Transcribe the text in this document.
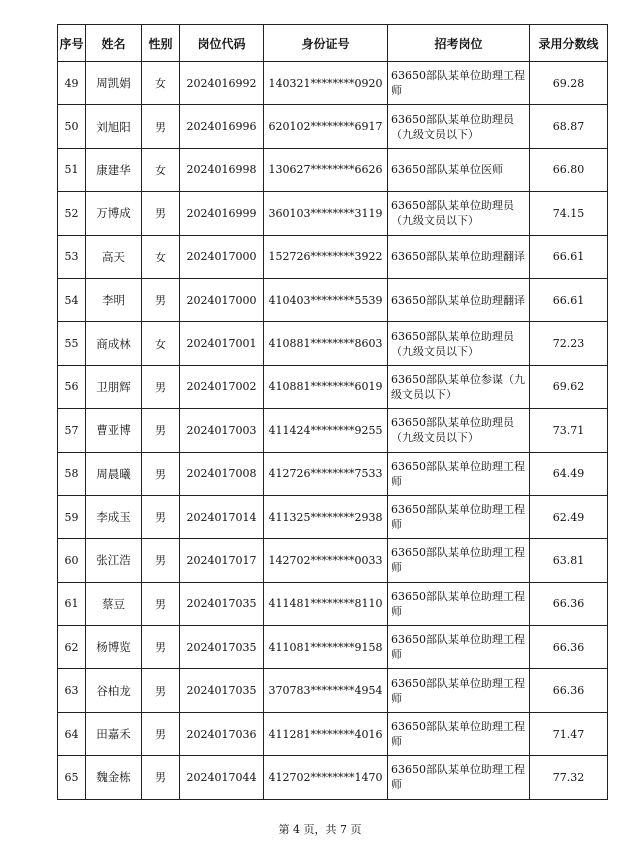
序号	姓名	性别	岗位代码	身份证号	招考岗位	录用分数线
49	周凯娟	女	2024016992	140321********0920	63650部队某单位助理工程师	69.28
50	刘旭阳	男	2024016996	620102********6917	63650部队某单位助理员（九级文员以下）	68.87
51	康建华	女	2024016998	130627********6626	63650部队某单位医师	66.80
52	万博成	男	2024016999	360103********3119	63650部队某单位助理员（九级文员以下）	74.15
53	高天	女	2024017000	152726********3922	63650部队某单位助理翻译	66.61
54	李明	男	2024017000	410403********5539	63650部队某单位助理翻译	66.61
55	商成林	女	2024017001	410881********8603	63650部队某单位助理员（九级文员以下）	72.23
56	卫朋辉	男	2024017002	410881********6019	63650部队某单位参谋（九级文员以下）	69.62
57	曹亚博	男	2024017003	411424********9255	63650部队某单位助理员（九级文员以下）	73.71
58	周晨曦	男	2024017008	412726********7533	63650部队某单位助理工程师	64.49
59	李成玉	男	2024017014	411325********2938	63650部队某单位助理工程师	62.49
60	张江浩	男	2024017017	142702********0033	63650部队某单位助理工程师	63.81
61	蔡豆	男	2024017035	411481********8110	63650部队某单位助理工程师	66.36
62	杨博览	男	2024017035	411081********9158	63650部队某单位助理工程师	66.36
63	谷柏龙	男	2024017035	370783********4954	63650部队某单位助理工程师	66.36
64	田嘉禾	男	2024017036	411281********4016	63650部队某单位助理工程师	71.47
65	魏金栋	男	2024017044	412702********1470	63650部队某单位助理工程师	77.32
第 4 页，共 7 页
